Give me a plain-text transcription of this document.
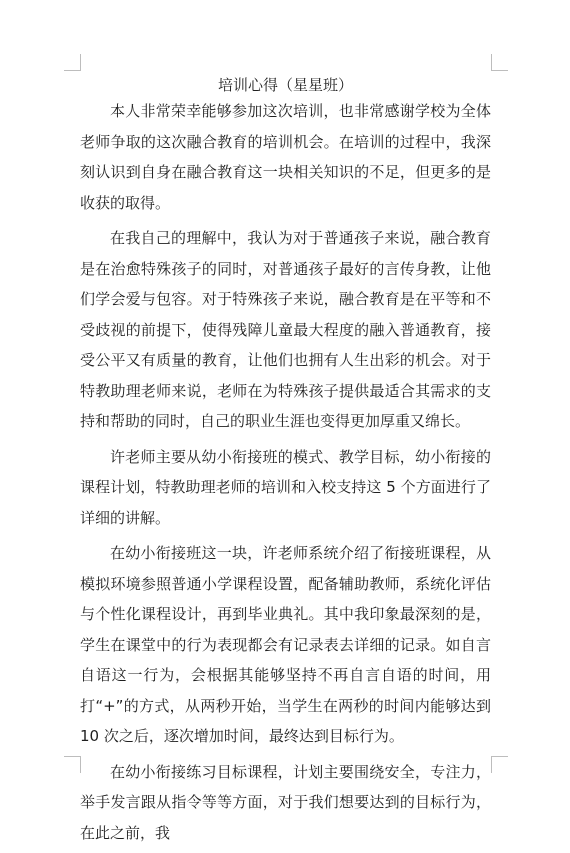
培训心得（星星班）

本人非常荣幸能够参加这次培训，也非常感谢学校为全体老师争取的这次融合教育的培训机会。在培训的过程中，我深刻认识到自身在融合教育这一块相关知识的不足，但更多的是收获的取得。

在我自己的理解中，我认为对于普通孩子来说，融合教育是在治愈特殊孩子的同时，对普通孩子最好的言传身教，让他们学会爱与包容。对于特殊孩子来说，融合教育是在平等和不受歧视的前提下，使得残障儿童最大程度的融入普通教育，接受公平又有质量的教育，让他们也拥有人生出彩的机会。对于特教助理老师来说，老师在为特殊孩子提供最适合其需求的支持和帮助的同时，自己的职业生涯也变得更加厚重又绵长。

许老师主要从幼小衔接班的模式、教学目标，幼小衔接的课程计划，特教助理老师的培训和入校支持这 5 个方面进行了详细的讲解。

在幼小衔接班这一块，许老师系统介绍了衔接班课程，从模拟环境参照普通小学课程设置，配备辅助教师，系统化评估与个性化课程设计，再到毕业典礼。其中我印象最深刻的是，学生在课堂中的行为表现都会有记录表去详细的记录。如自言自语这一行为，会根据其能够坚持不再自言自语的时间，用打“+”的方式，从两秒开始，当学生在两秒的时间内能够达到 10 次之后，逐次增加时间，最终达到目标行为。

在幼小衔接练习目标课程，计划主要围绕安全，专注力，举手发言跟从指令等等方面，对于我们想要达到的目标行为，在此之前，我
